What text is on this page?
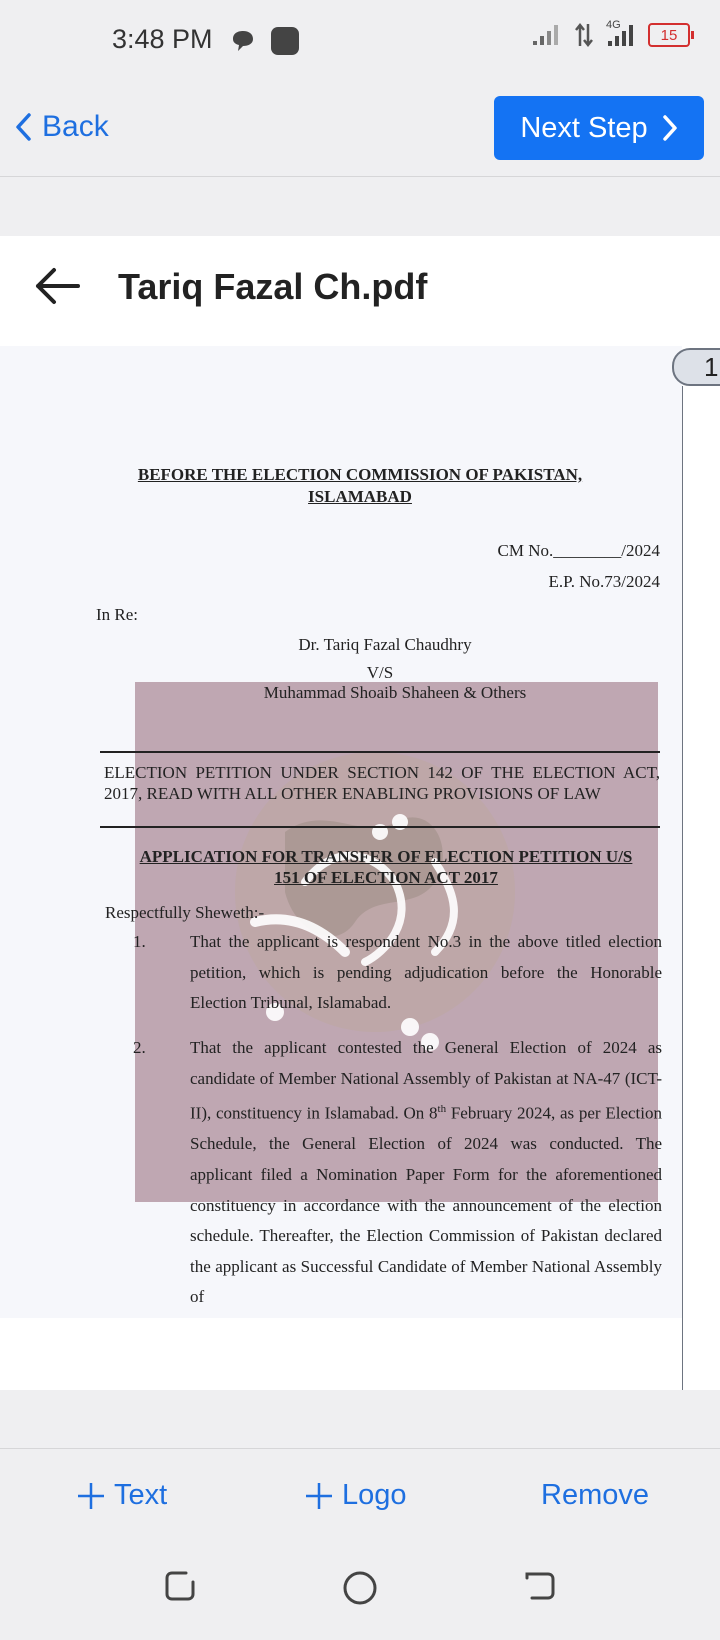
3:48 PM	4G
15
Back	Next Step
Tariq Fazal Ch.pdf
BEFORE THE ELECTION COMMISSION OF PAKISTAN,
ISLAMABAD
CM No.________/2024
E.P. No.73/2024
In Re:
Dr. Tariq Fazal Chaudhry
V/S
Muhammad Shoaib Shaheen & Others
ELECTION PETITION UNDER SECTION 142 OF THE ELECTION ACT, 2017, READ WITH ALL OTHER ENABLING PROVISIONS OF LAW
APPLICATION FOR TRANSFER OF ELECTION PETITION U/S
151 OF ELECTION ACT 2017
Respectfully Sheweth:-
1.	That the applicant is respondent No.3 in the above titled election petition, which is pending adjudication before the Honorable Election Tribunal, Islamabad.
2.	That the applicant contested the General Election of 2024 as candidate of Member National Assembly of Pakistan at NA-47 (ICT-II), constituency in Islamabad. On 8th February 2024, as per Election Schedule, the General Election of 2024 was conducted. The applicant filed a Nomination Paper Form for the aforementioned constituency in accordance with the announcement of the election schedule. Thereafter, the Election Commission of Pakistan declared the applicant as Successful Candidate of Member National Assembly of
1
Text	Logo	Remove
